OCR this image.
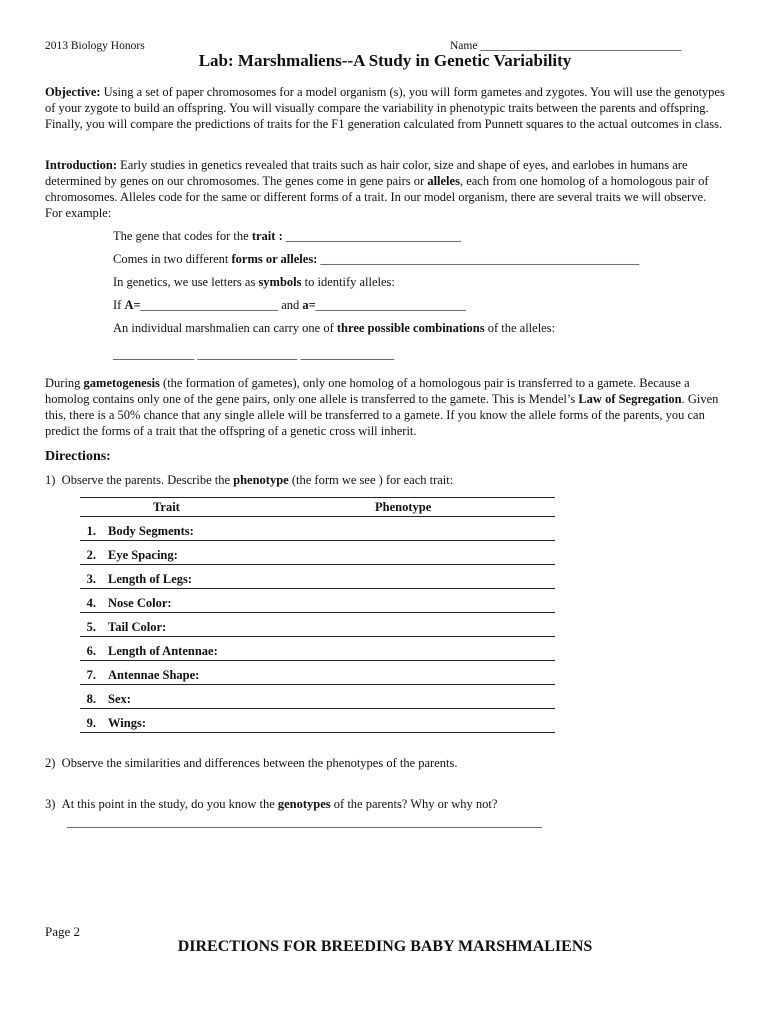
2013 Biology Honors	Name ___________________________________
Lab: Marshmaliens--A Study in Genetic Variability
Objective: Using a set of paper chromosomes for a model organism (s), you will form gametes and zygotes. You will use the genotypes of your zygote to build an offspring. You will visually compare the variability in phenotypic traits between the parents and offspring. Finally, you will compare the predictions of traits for the F1 generation calculated from Punnett squares to the actual outcomes in class.
Introduction: Early studies in genetics revealed that traits such as hair color, size and shape of eyes, and earlobes in humans are determined by genes on our chromosomes. The genes come in gene pairs or alleles, each from one homolog of a homologous pair of chromosomes. Alleles code for the same or different forms of a trait. In our model organism, there are several traits we will observe. For example:
The gene that codes for the trait : ____________________________
Comes in two different forms or alleles: ___________________________________________________
In genetics, we use letters as symbols to identify alleles:
If A=______________________ and a=________________________
An individual marshmalien can carry one of three possible combinations of the alleles:
_____________ ________________ _______________
During gametogenesis (the formation of gametes), only one homolog of a homologous pair is transferred to a gamete. Because a homolog contains only one of the gene pairs, only one allele is transferred to the gamete. This is Mendel’s Law of Segregation. Given this, there is a 50% chance that any single allele will be transferred to a gamete. If you know the allele forms of the parents, you can predict the forms of a trait that the offspring of a genetic cross will inherit.
Directions:
1) Observe the parents. Describe the phenotype (the form we see ) for each trait:
Trait	Phenotype
1. Body Segments:
2. Eye Spacing:
3. Length of Legs:
4. Nose Color:
5. Tail Color:
6. Length of Antennae:
7. Antennae Shape:
8. Sex:
9. Wings:
2) Observe the similarities and differences between the phenotypes of the parents.
3) At this point in the study, do you know the genotypes of the parents? Why or why not?
____________________________________________________________________________
Page 2
DIRECTIONS FOR BREEDING BABY MARSHMALIENS
